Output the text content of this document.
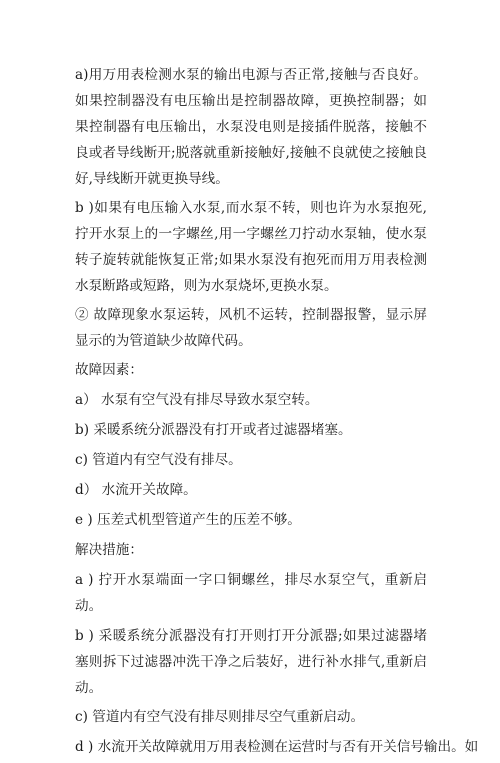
a)用万用表检测水泵的输出电源与否正常,接触与否良好。如果控制器没有电压输出是控制器故障，更换控制器；如果控制器有电压输出，水泵没电则是接插件脱落，接触不良或者导线断开;脱落就重新接触好,接触不良就使之接触良好,导线断开就更换导线。

b )如果有电压输入水泵,而水泵不转，则也许为水泵抱死,拧开水泵上的一字螺丝,用一字螺丝刀拧动水泵轴，使水泵转子旋转就能恢复正常;如果水泵没有抱死而用万用表检测水泵断路或短路，则为水泵烧坏,更换水泵。

② 故障现象水泵运转，风机不运转，控制器报警，显示屏显示的为管道缺少故障代码。

故障因素：

a） 水泵有空气没有排尽导致水泵空转。

b) 采暖系统分派器没有打开或者过滤器堵塞。

c) 管道内有空气没有排尽。

d） 水流开关故障。

e ) 压差式机型管道产生的压差不够。

解决措施：

a ) 拧开水泵端面一字口铜螺丝，排尽水泵空气，重新启动。

b ) 采暖系统分派器没有打开则打开分派器;如果过滤器堵塞则拆下过滤器冲洗干净之后装好，进行补水排气,重新启动。

c) 管道内有空气没有排尽则排尽空气重新启动。

d ) 水流开关故障就用万用表检测在运营时与否有开关信号输出。如
